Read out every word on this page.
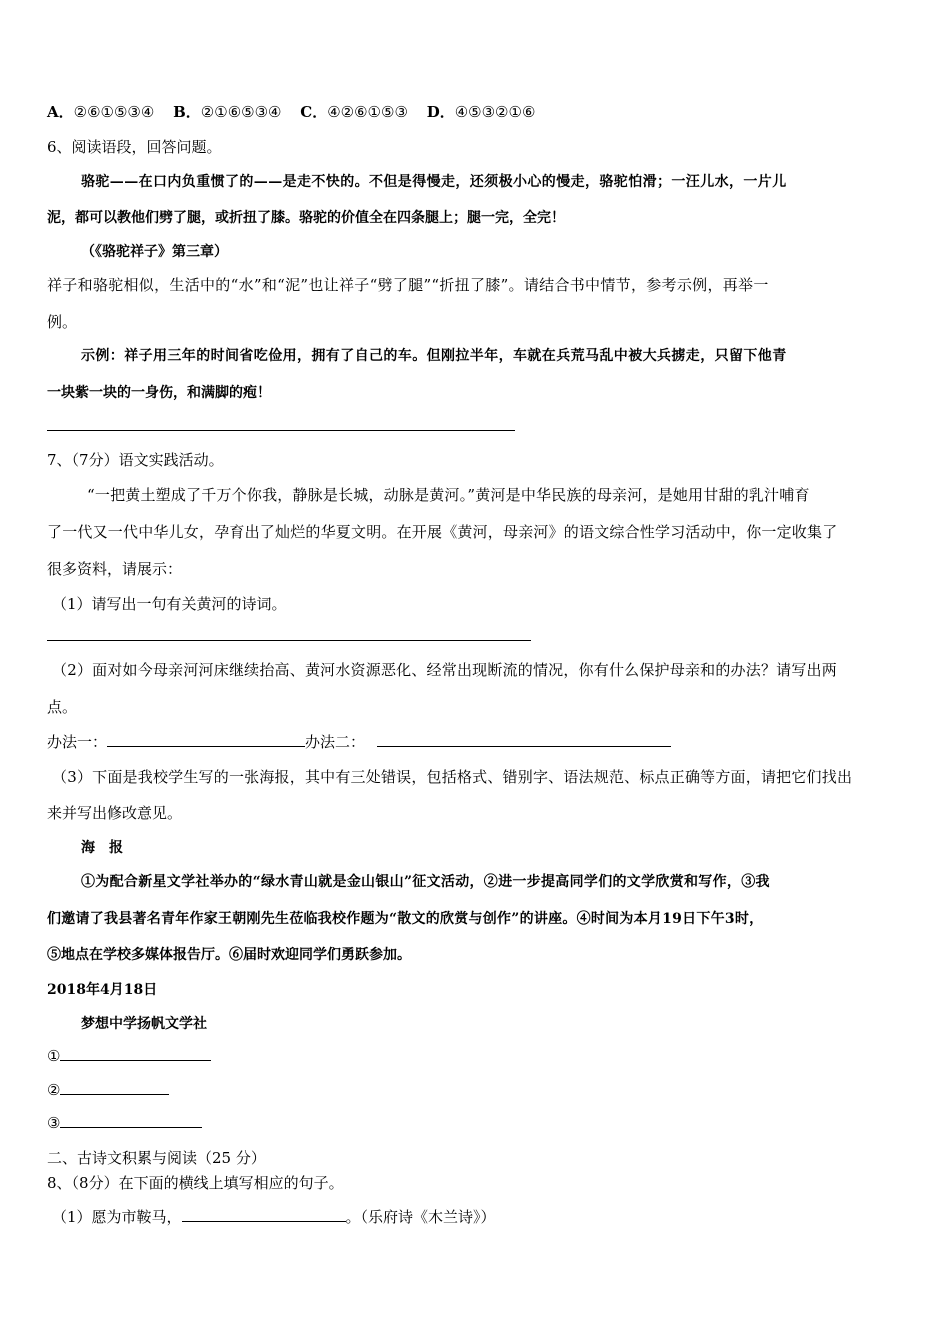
A．②⑥①⑤③④ B．②①⑥⑤③④ C．④②⑥①⑤③ D．④⑤③②①⑥
6、阅读语段，回答问题。
骆驼——在口内负重惯了的——是走不快的。不但是得慢走，还须极小心的慢走，骆驼怕滑；一汪儿水，一片儿
泥，都可以教他们劈了腿，或折扭了膝。骆驼的价值全在四条腿上；腿一完，全完！
（《骆驼祥子》第三章）
祥子和骆驼相似，生活中的“水”和“泥”也让祥子“劈了腿”“折扭了膝”。请结合书中情节，参考示例，再举一
例。
示例：祥子用三年的时间省吃俭用，拥有了自己的车。但刚拉半年，车就在兵荒马乱中被大兵掳走，只留下他青
一块紫一块的一身伤，和满脚的疱！
7、（7分）语文实践活动。
“一把黄土塑成了千万个你我，静脉是长城，动脉是黄河。”黄河是中华民族的母亲河，是她用甘甜的乳汁哺育
了一代又一代中华儿女，孕育出了灿烂的华夏文明。在开展《黄河，母亲河》的语文综合性学习活动中，你一定收集了
很多资料，请展示：
（1）请写出一句有关黄河的诗词。
（2）面对如今母亲河河床继续抬高、黄河水资源恶化、经常出现断流的情况，你有什么保护母亲和的办法？请写出两
点。
办法一：	办法二：
（3）下面是我校学生写的一张海报，其中有三处错误，包括格式、错别字、语法规范、标点正确等方面，请把它们找出
来并写出修改意见。
海　报
①为配合新星文学社举办的“绿水青山就是金山银山”征文活动，②进一步提高同学们的文学欣赏和写作，③我
们邀请了我县著名青年作家王朝刚先生莅临我校作题为“散文的欣赏与创作”的讲座。④时间为本月19日下午3时，
⑤地点在学校多媒体报告厅。⑥届时欢迎同学们勇跃参加。
2018年4月18日
梦想中学扬帆文学社
①
②
③
二、古诗文积累与阅读（25 分）
8、（8分）在下面的横线上填写相应的句子。
（1）愿为市鞍马，	。（乐府诗《木兰诗》）
